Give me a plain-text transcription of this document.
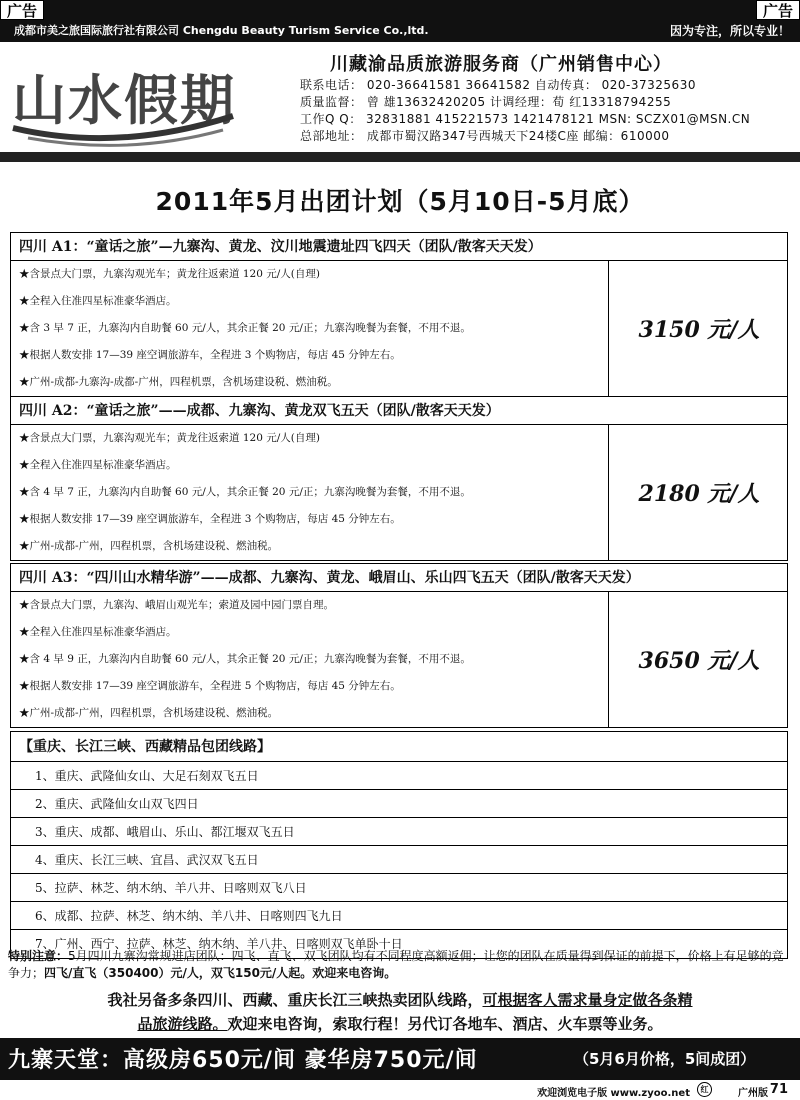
广告	广告
成都市美之旅国际旅行社有限公司 Chengdu Beauty Turism Service Co.,ltd.	因为专注，所以专业！
山水假期
川藏渝品质旅游服务商（广州销售中心）
联系电话： 020-36641581 36641582 自动传真： 020-37325630
质量监督： 曾 雄13632420205 计调经理：荀 红13318794255
工作Q Q： 32831881 415221573 1421478121 MSN: SCZX01@MSN.CN
总部地址： 成都市蜀汉路347号西城天下24楼C座 邮编：610000
2011年5月出团计划（5月10日-5月底）
四川 A1：“童话之旅”—九寨沟、黄龙、汶川地震遗址四飞四天（团队/散客天天发）
★含景点大门票，九寨沟观光车；黄龙往返索道 120 元/人(自理)
★全程入住准四星标准豪华酒店。
★含 3 早 7 正，九寨沟内自助餐 60 元/人，其余正餐 20 元/正；九寨沟晚餐为套餐，不用不退。
★根据人数安排 17—39 座空调旅游车，全程进 3 个购物店，每店 45 分钟左右。
★广州-成都-九寨沟-成都-广州，四程机票，含机场建设税、燃油税。
3150 元/人
四川 A2：“童话之旅”——成都、九寨沟、黄龙双飞五天（团队/散客天天发）
★含景点大门票，九寨沟观光车；黄龙往返索道 120 元/人(自理)
★全程入住准四星标准豪华酒店。
★含 4 早 7 正，九寨沟内自助餐 60 元/人，其余正餐 20 元/正；九寨沟晚餐为套餐，不用不退。
★根据人数安排 17—39 座空调旅游车，全程进 3 个购物店，每店 45 分钟左右。
★广州-成都-广州，四程机票，含机场建设税、燃油税。
2180 元/人
四川 A3：“四川山水精华游”——成都、九寨沟、黄龙、峨眉山、乐山四飞五天（团队/散客天天发）
★含景点大门票，九寨沟、峨眉山观光车；索道及园中园门票自理。
★全程入住准四星标准豪华酒店。
★含 4 早 9 正，九寨沟内自助餐 60 元/人，其余正餐 20 元/正；九寨沟晚餐为套餐，不用不退。
★根据人数安排 17—39 座空调旅游车，全程进 5 个购物店，每店 45 分钟左右。
★广州-成都-广州，四程机票，含机场建设税、燃油税。
3650 元/人
【重庆、长江三峡、西藏精品包团线路】
1、重庆、武隆仙女山、大足石刻双飞五日
2、重庆、武隆仙女山双飞四日
3、重庆、成都、峨眉山、乐山、都江堰双飞五日
4、重庆、长江三峡、宜昌、武汉双飞五日
5、拉萨、林芝、纳木纳、羊八井、日喀则双飞八日
6、成都、拉萨、林芝、纳木纳、羊八井、日喀则四飞九日
7、广州、西宁、拉萨、林芝、纳木纳、羊八井、日喀则双飞单卧十日
特别注意：5月四川九寨沟常规进店团队：四飞、直飞、双飞团队均有不同程度高额返佣；让您的团队在质量得到保证的前提下，价格上有足够的竞争力；四飞/直飞（350400）元/人，双飞150元/人起。欢迎来电咨询。
我社另备多条四川、西藏、重庆长江三峡热卖团队线路，可根据客人需求量身定做各条精
品旅游线路。欢迎来电咨询，索取行程！另代订各地车、酒店、火车票等业务。
九寨天堂：高级房650元/间 豪华房750元/间	（5月6月价格，5间成团）
欢迎浏览电子版 www.zyoo.net	红	广州版 71
